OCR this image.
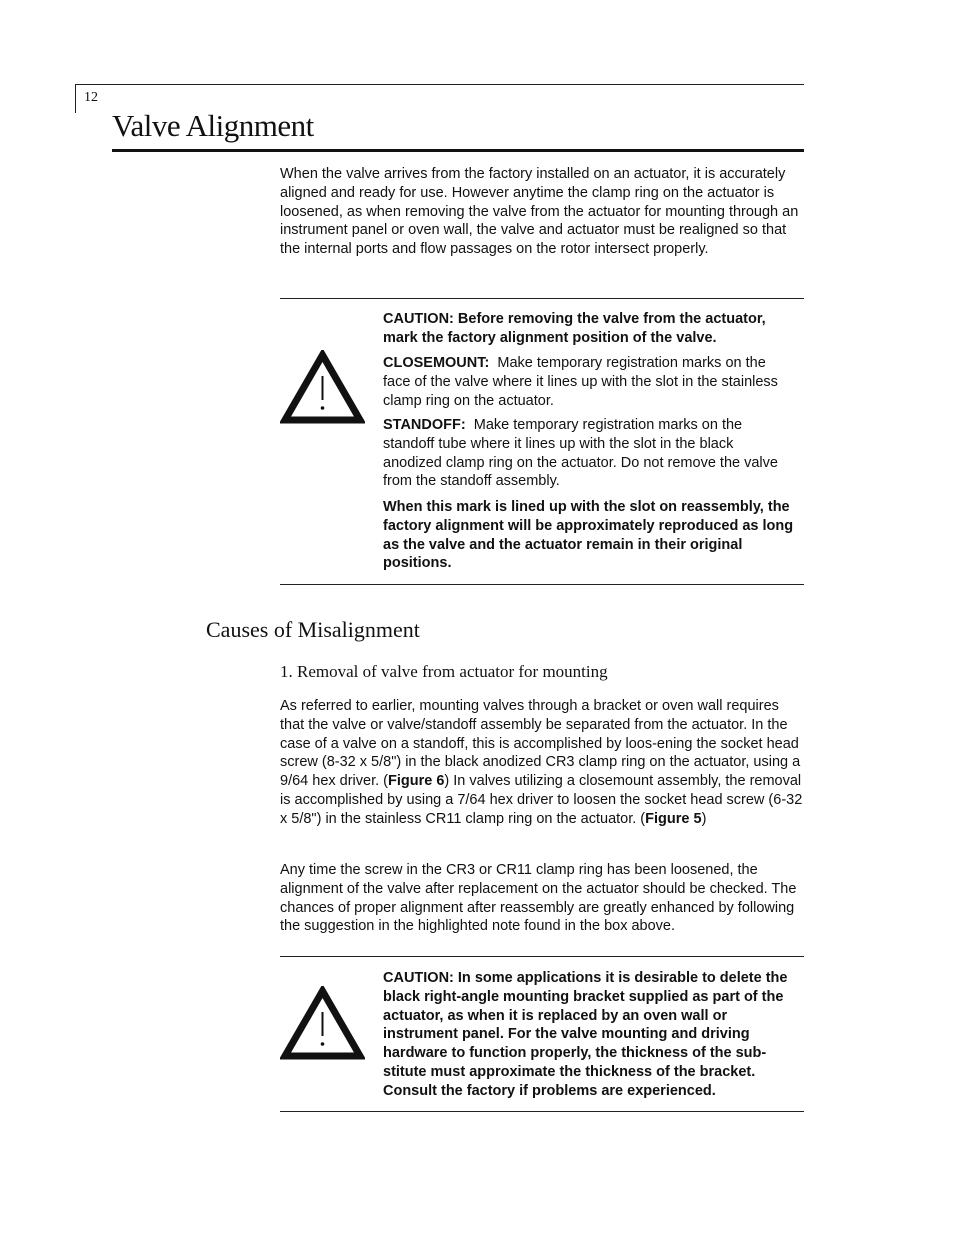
12
Valve Alignment

When the valve arrives from the factory installed on an actuator, it is accurately aligned and ready for use. However anytime the clamp ring on the actuator is loosened, as when removing the valve from the actuator for mounting through an instrument panel or oven wall, the valve and actuator must be realigned so that the internal ports and flow passages on the rotor intersect properly.

CAUTION: Before removing the valve from the actuator, mark the factory alignment position of the valve.

CLOSEMOUNT: Make temporary registration marks on the face of the valve where it lines up with the slot in the stainless clamp ring on the actuator.

STANDOFF: Make temporary registration marks on the standoff tube where it lines up with the slot in the black anodized clamp ring on the actuator. Do not remove the valve from the standoff assembly.

When this mark is lined up with the slot on reassembly, the factory alignment will be approximately reproduced as long as the valve and the actuator remain in their original positions.

Causes of Misalignment
1. Removal of valve from actuator for mounting

As referred to earlier, mounting valves through a bracket or oven wall requires that the valve or valve/standoff assembly be separated from the actuator. In the case of a valve on a standoff, this is accomplished by loos-ening the socket head screw (8-32 x 5/8") in the black anodized CR3 clamp ring on the actuator, using a 9/64 hex driver. (Figure 6) In valves utilizing a closemount assembly, the removal is accomplished by using a 7/64 hex driver to loosen the socket head screw (6-32 x 5/8") in the stainless CR11 clamp ring on the actuator. (Figure 5)

Any time the screw in the CR3 or CR11 clamp ring has been loosened, the alignment of the valve after replacement on the actuator should be checked. The chances of proper alignment after reassembly are greatly enhanced by following the suggestion in the highlighted note found in the box above.

CAUTION: In some applications it is desirable to delete the black right-angle mounting bracket supplied as part of the actuator, as when it is replaced by an oven wall or instrument panel. For the valve mounting and driving hardware to function properly, the thickness of the sub-stitute must approximate the thickness of the bracket. Consult the factory if problems are experienced.
